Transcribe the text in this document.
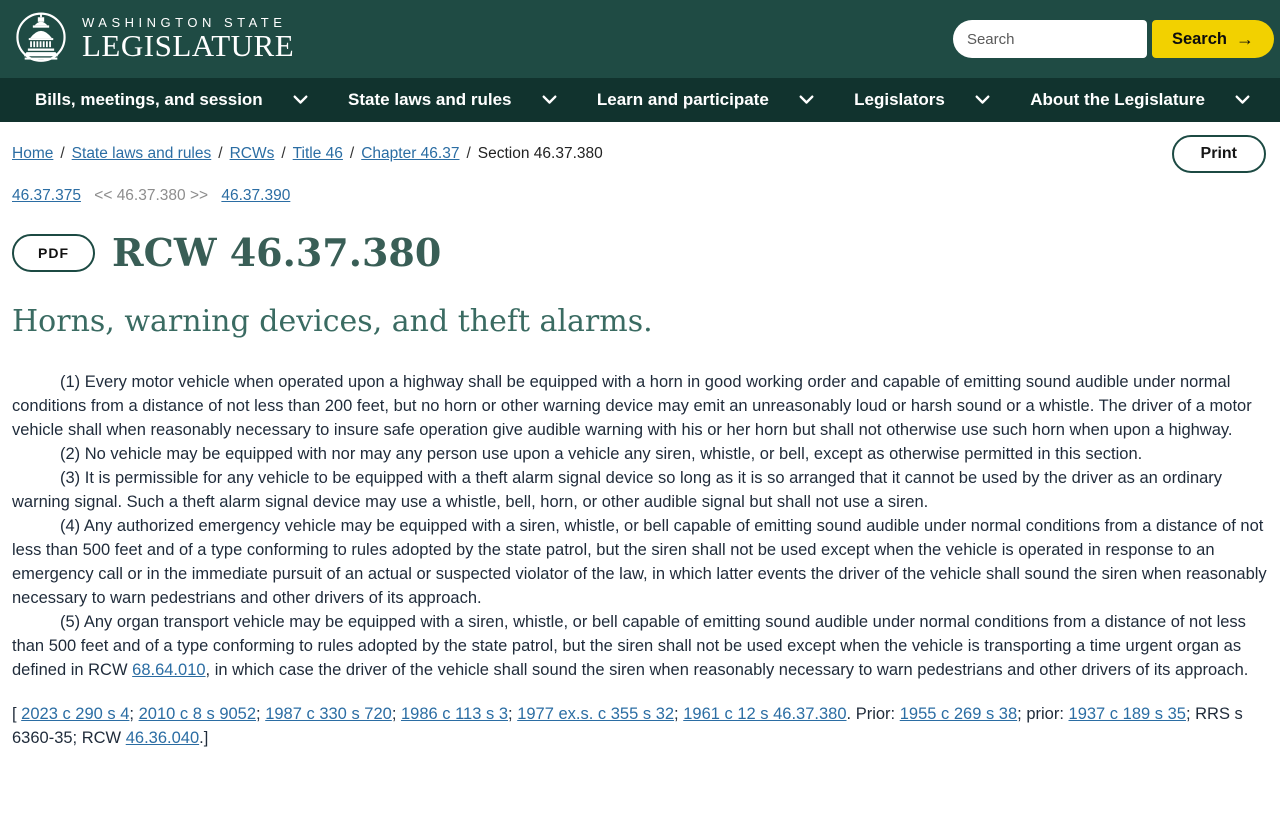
WASHINGTON STATE
LEGISLATURE
Search	Search →
Bills, meetings, and session	State laws and rules	Learn and participate	Legislators	About the Legislature
Home / State laws and rules / RCWs / Title 46 / Chapter 46.37 / Section 46.37.380	Print
46.37.375 << 46.37.380 >> 46.37.390
PDF	RCW 46.37.380
Horns, warning devices, and theft alarms.

(1) Every motor vehicle when operated upon a highway shall be equipped with a horn in good working order and capable of emitting sound audible under normal conditions from a distance of not less than 200 feet, but no horn or other warning device may emit an unreasonably loud or harsh sound or a whistle. The driver of a motor vehicle shall when reasonably necessary to insure safe operation give audible warning with his or her horn but shall not otherwise use such horn when upon a highway.

(2) No vehicle may be equipped with nor may any person use upon a vehicle any siren, whistle, or bell, except as otherwise permitted in this section.

(3) It is permissible for any vehicle to be equipped with a theft alarm signal device so long as it is so arranged that it cannot be used by the driver as an ordinary warning signal. Such a theft alarm signal device may use a whistle, bell, horn, or other audible signal but shall not use a siren.

(4) Any authorized emergency vehicle may be equipped with a siren, whistle, or bell capable of emitting sound audible under normal conditions from a distance of not less than 500 feet and of a type conforming to rules adopted by the state patrol, but the siren shall not be used except when the vehicle is operated in response to an emergency call or in the immediate pursuit of an actual or suspected violator of the law, in which latter events the driver of the vehicle shall sound the siren when reasonably necessary to warn pedestrians and other drivers of its approach.

(5) Any organ transport vehicle may be equipped with a siren, whistle, or bell capable of emitting sound audible under normal conditions from a distance of not less than 500 feet and of a type conforming to rules adopted by the state patrol, but the siren shall not be used except when the vehicle is transporting a time urgent organ as defined in RCW 68.64.010, in which case the driver of the vehicle shall sound the siren when reasonably necessary to warn pedestrians and other drivers of its approach.

[ 2023 c 290 s 4; 2010 c 8 s 9052; 1987 c 330 s 720; 1986 c 113 s 3; 1977 ex.s. c 355 s 32; 1961 c 12 s 46.37.380. Prior: 1955 c 269 s 38; prior: 1937 c 189 s 35; RRS s 6360-35; RCW 46.36.040.]
